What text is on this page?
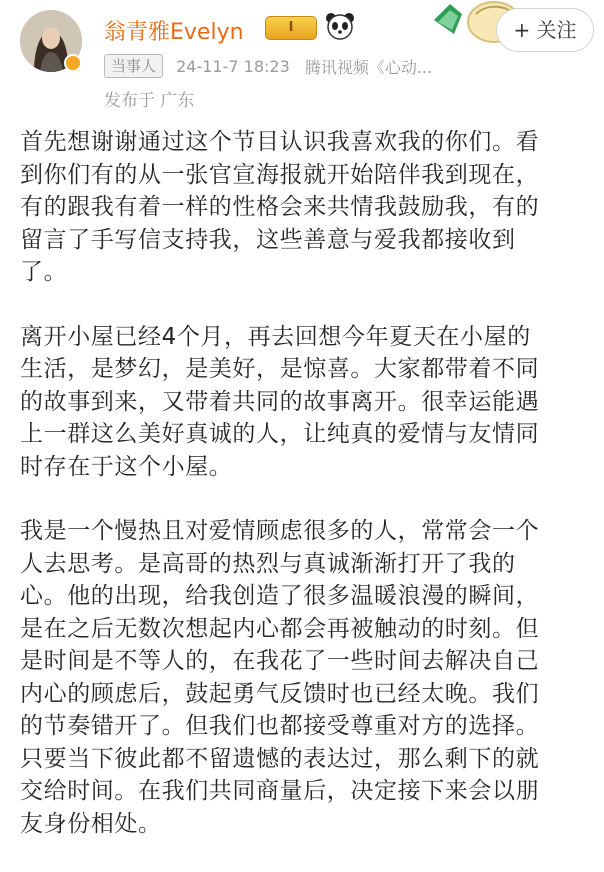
翁青雅Evelyn	Ⅰ	+ 关注
当事人 24-11-7 18:23 腾讯视频《心动...
发布于 广东

首先想谢谢通过这个节目认识我喜欢我的你们。看
到你们有的从一张官宣海报就开始陪伴我到现在，
有的跟我有着一样的性格会来共情我鼓励我，有的
留言了手写信支持我，这些善意与爱我都接收到
了。

离开小屋已经4个月，再去回想今年夏天在小屋的
生活，是梦幻，是美好，是惊喜。大家都带着不同
的故事到来，又带着共同的故事离开。很幸运能遇
上一群这么美好真诚的人，让纯真的爱情与友情同
时存在于这个小屋。

我是一个慢热且对爱情顾虑很多的人，常常会一个
人去思考。是高哥的热烈与真诚渐渐打开了我的
心。他的出现，给我创造了很多温暖浪漫的瞬间，
是在之后无数次想起内心都会再被触动的时刻。但
是时间是不等人的，在我花了一些时间去解决自己
内心的顾虑后，鼓起勇气反馈时也已经太晚。我们
的节奏错开了。但我们也都接受尊重对方的选择。
只要当下彼此都不留遗憾的表达过，那么剩下的就
交给时间。在我们共同商量后，决定接下来会以朋
友身份相处。
